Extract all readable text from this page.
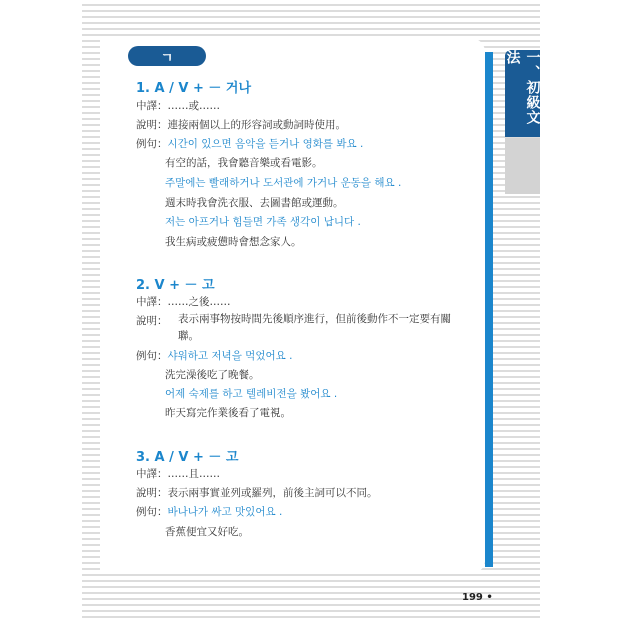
一、初級文法
ㄱ
1. A / V + － 거나
中譯：……或……
說明：連接兩個以上的形容詞或動詞時使用。
例句：시간이 있으면 음악을 듣거나 영화를 봐요 .
有空的話，我會聽音樂或看電影。
주말에는 빨래하거나 도서관에 가거나 운동을 해요 .
週末時我會洗衣服、去圖書館或運動。
저는 아프거나 힘들면 가족 생각이 납니다 .
我生病或疲憊時會想念家人。
2. V + － 고
中譯：……之後……
說明： 表示兩事物按時間先後順序進行，但前後動作不一定要有關聯。
例句：샤워하고 저녁을 먹었어요 .
洗完澡後吃了晚餐。
어제 숙제를 하고 텔레비전을 봤어요 .
昨天寫完作業後看了電視。
3. A / V + － 고
中譯：……且……
說明：表示兩事實並列或羅列，前後主詞可以不同。
例句：바나나가 싸고 맛있어요 .
香蕉便宜又好吃。
199 •
